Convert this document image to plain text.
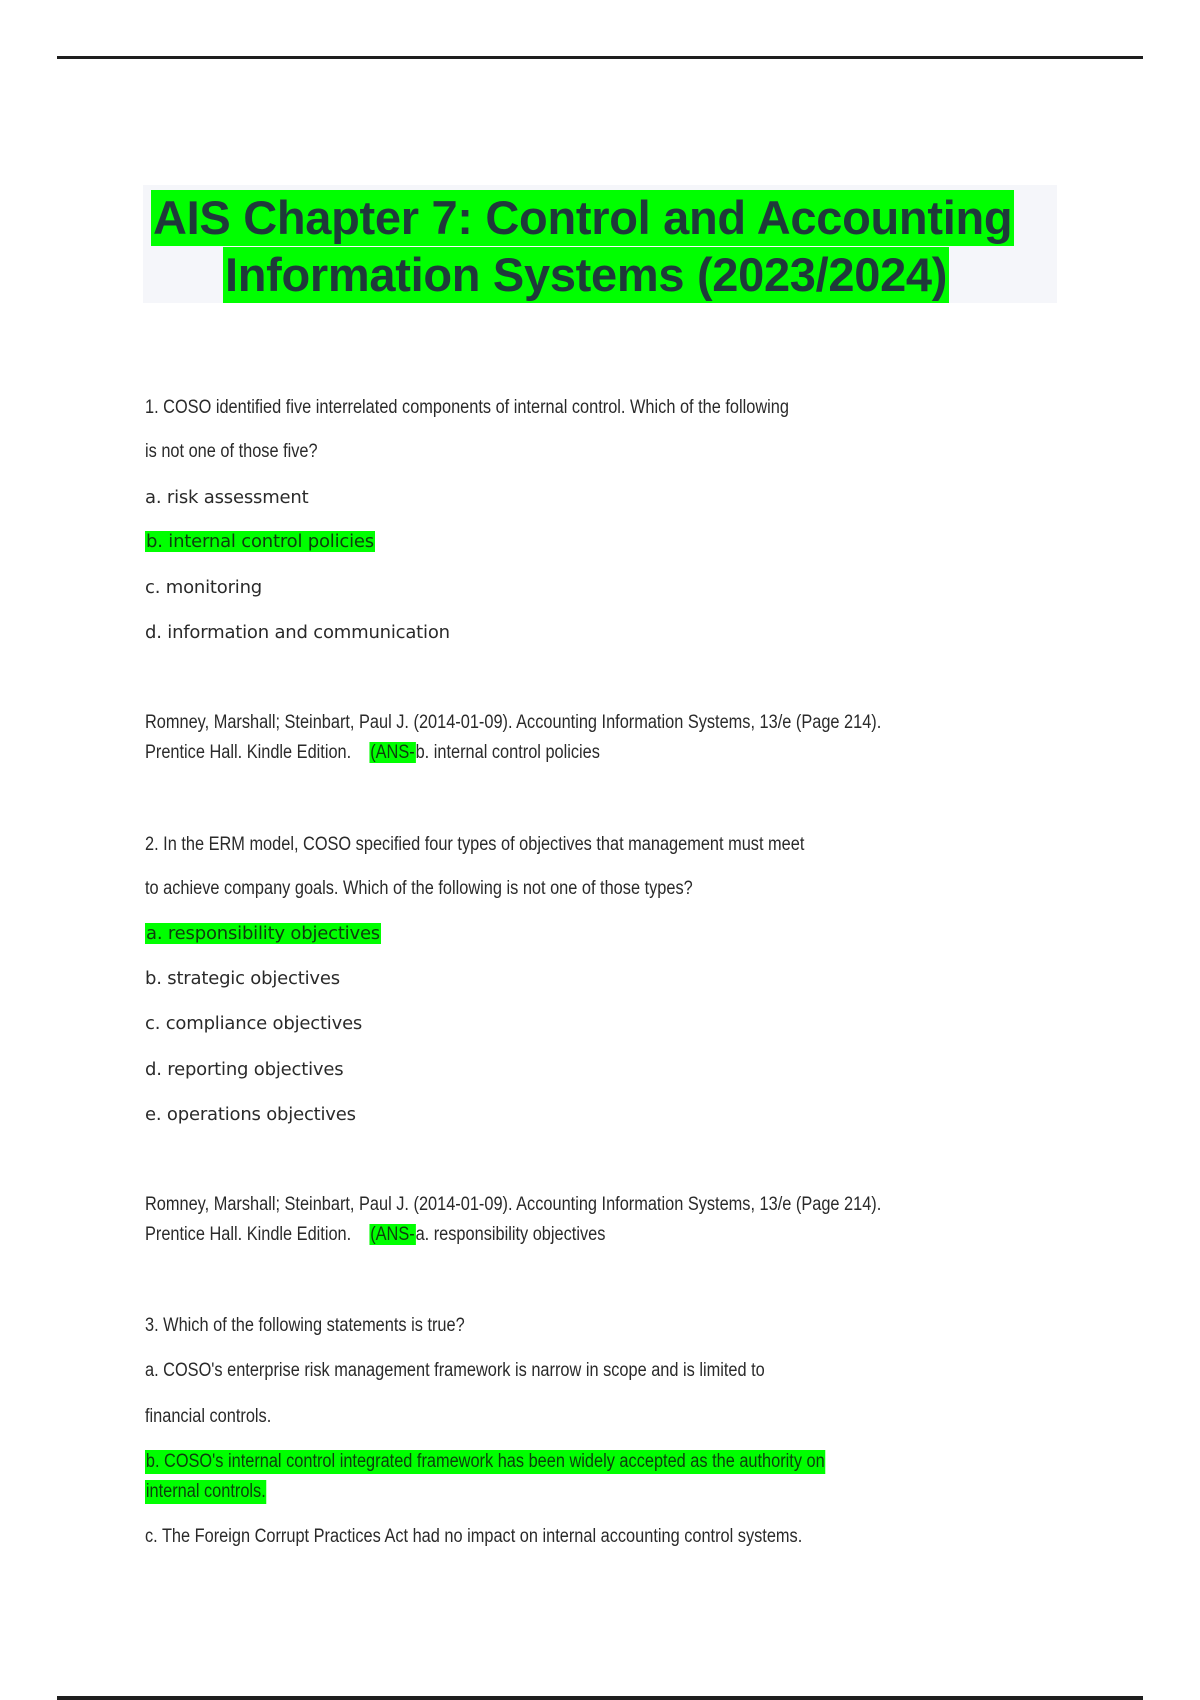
AIS Chapter 7: Control and Accounting
Information Systems (2023/2024)
1. COSO identified five interrelated components of internal control. Which of the following
is not one of those five?
a. risk assessment
b. internal control policies
c. monitoring
d. information and communication
Romney, Marshall; Steinbart, Paul J. (2014-01-09). Accounting Information Systems, 13/e (Page 214).
Prentice Hall. Kindle Edition. (ANS-b. internal control policies
2. In the ERM model, COSO specified four types of objectives that management must meet
to achieve company goals. Which of the following is not one of those types?
a. responsibility objectives
b. strategic objectives
c. compliance objectives
d. reporting objectives
e. operations objectives
Romney, Marshall; Steinbart, Paul J. (2014-01-09). Accounting Information Systems, 13/e (Page 214).
Prentice Hall. Kindle Edition. (ANS-a. responsibility objectives
3. Which of the following statements is true?
a. COSO's enterprise risk management framework is narrow in scope and is limited to
financial controls.
b. COSO's internal control integrated framework has been widely accepted as the authority on
internal controls.
c. The Foreign Corrupt Practices Act had no impact on internal accounting control systems.
